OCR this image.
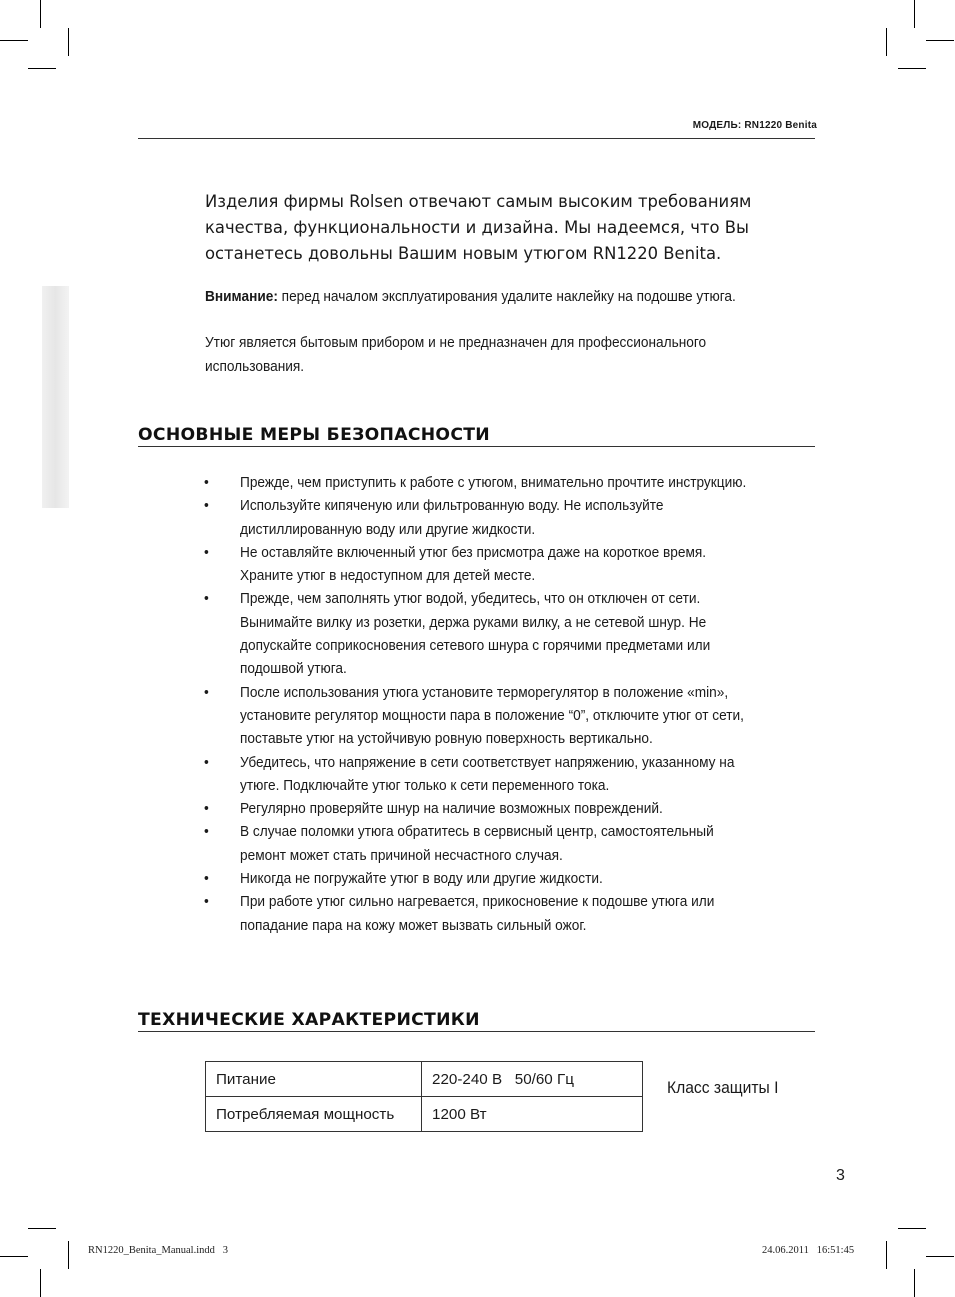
МОДЕЛЬ: RN1220 Benita
Изделия фирмы Rolsen отвечают самым высоким требованиям
качества, функциональности и дизайна. Мы надеемся, что Вы
останетесь довольны Вашим новым утюгом RN1220 Benita.
Внимание: перед началом эксплуатирования удалите наклейку на подошве утюга.
Утюг является бытовым прибором и не предназначен для профессионального
использования.
ОСНОВНЫЕ МЕРЫ БЕЗОПАСНОСТИ
• Прежде, чем приступить к работе с утюгом, внимательно прочтите инструкцию.
• Используйте кипяченую или фильтрованную воду. Не используйте
дистиллированную воду или другие жидкости.
• Не оставляйте включенный утюг без присмотра даже на короткое время.
Храните утюг в недоступном для детей месте.
• Прежде, чем заполнять утюг водой, убедитесь, что он отключен от сети.
Вынимайте вилку из розетки, держа руками вилку, а не сетевой шнур. Не
допускайте соприкосновения сетевого шнура с горячими предметами или
подошвой утюга.
• После использования утюга установите терморегулятор в положение «min»,
установите регулятор мощности пара в положение “0”, отключите утюг от сети,
поставьте утюг на устойчивую ровную поверхность вертикально.
• Убедитесь, что напряжение в сети соответствует напряжению, указанному на
утюге. Подключайте утюг только к сети переменного тока.
• Регулярно проверяйте шнур на наличие возможных повреждений.
• В случае поломки утюга обратитесь в сервисный центр, самостоятельный
ремонт может стать причиной несчастного случая.
• Никогда не погружайте утюг в воду или другие жидкости.
• При работе утюг сильно нагревается, прикосновение к подошве утюга или
попадание пара на кожу может вызвать сильный ожог.
ТЕХНИЧЕСКИЕ ХАРАКТЕРИСТИКИ
Питание	220-240 В   50/60 Гц
Потребляемая мощность	1200 Вт
Класс защиты I
3
RN1220_Benita_Manual.indd   3	24.06.2011   16:51:45
